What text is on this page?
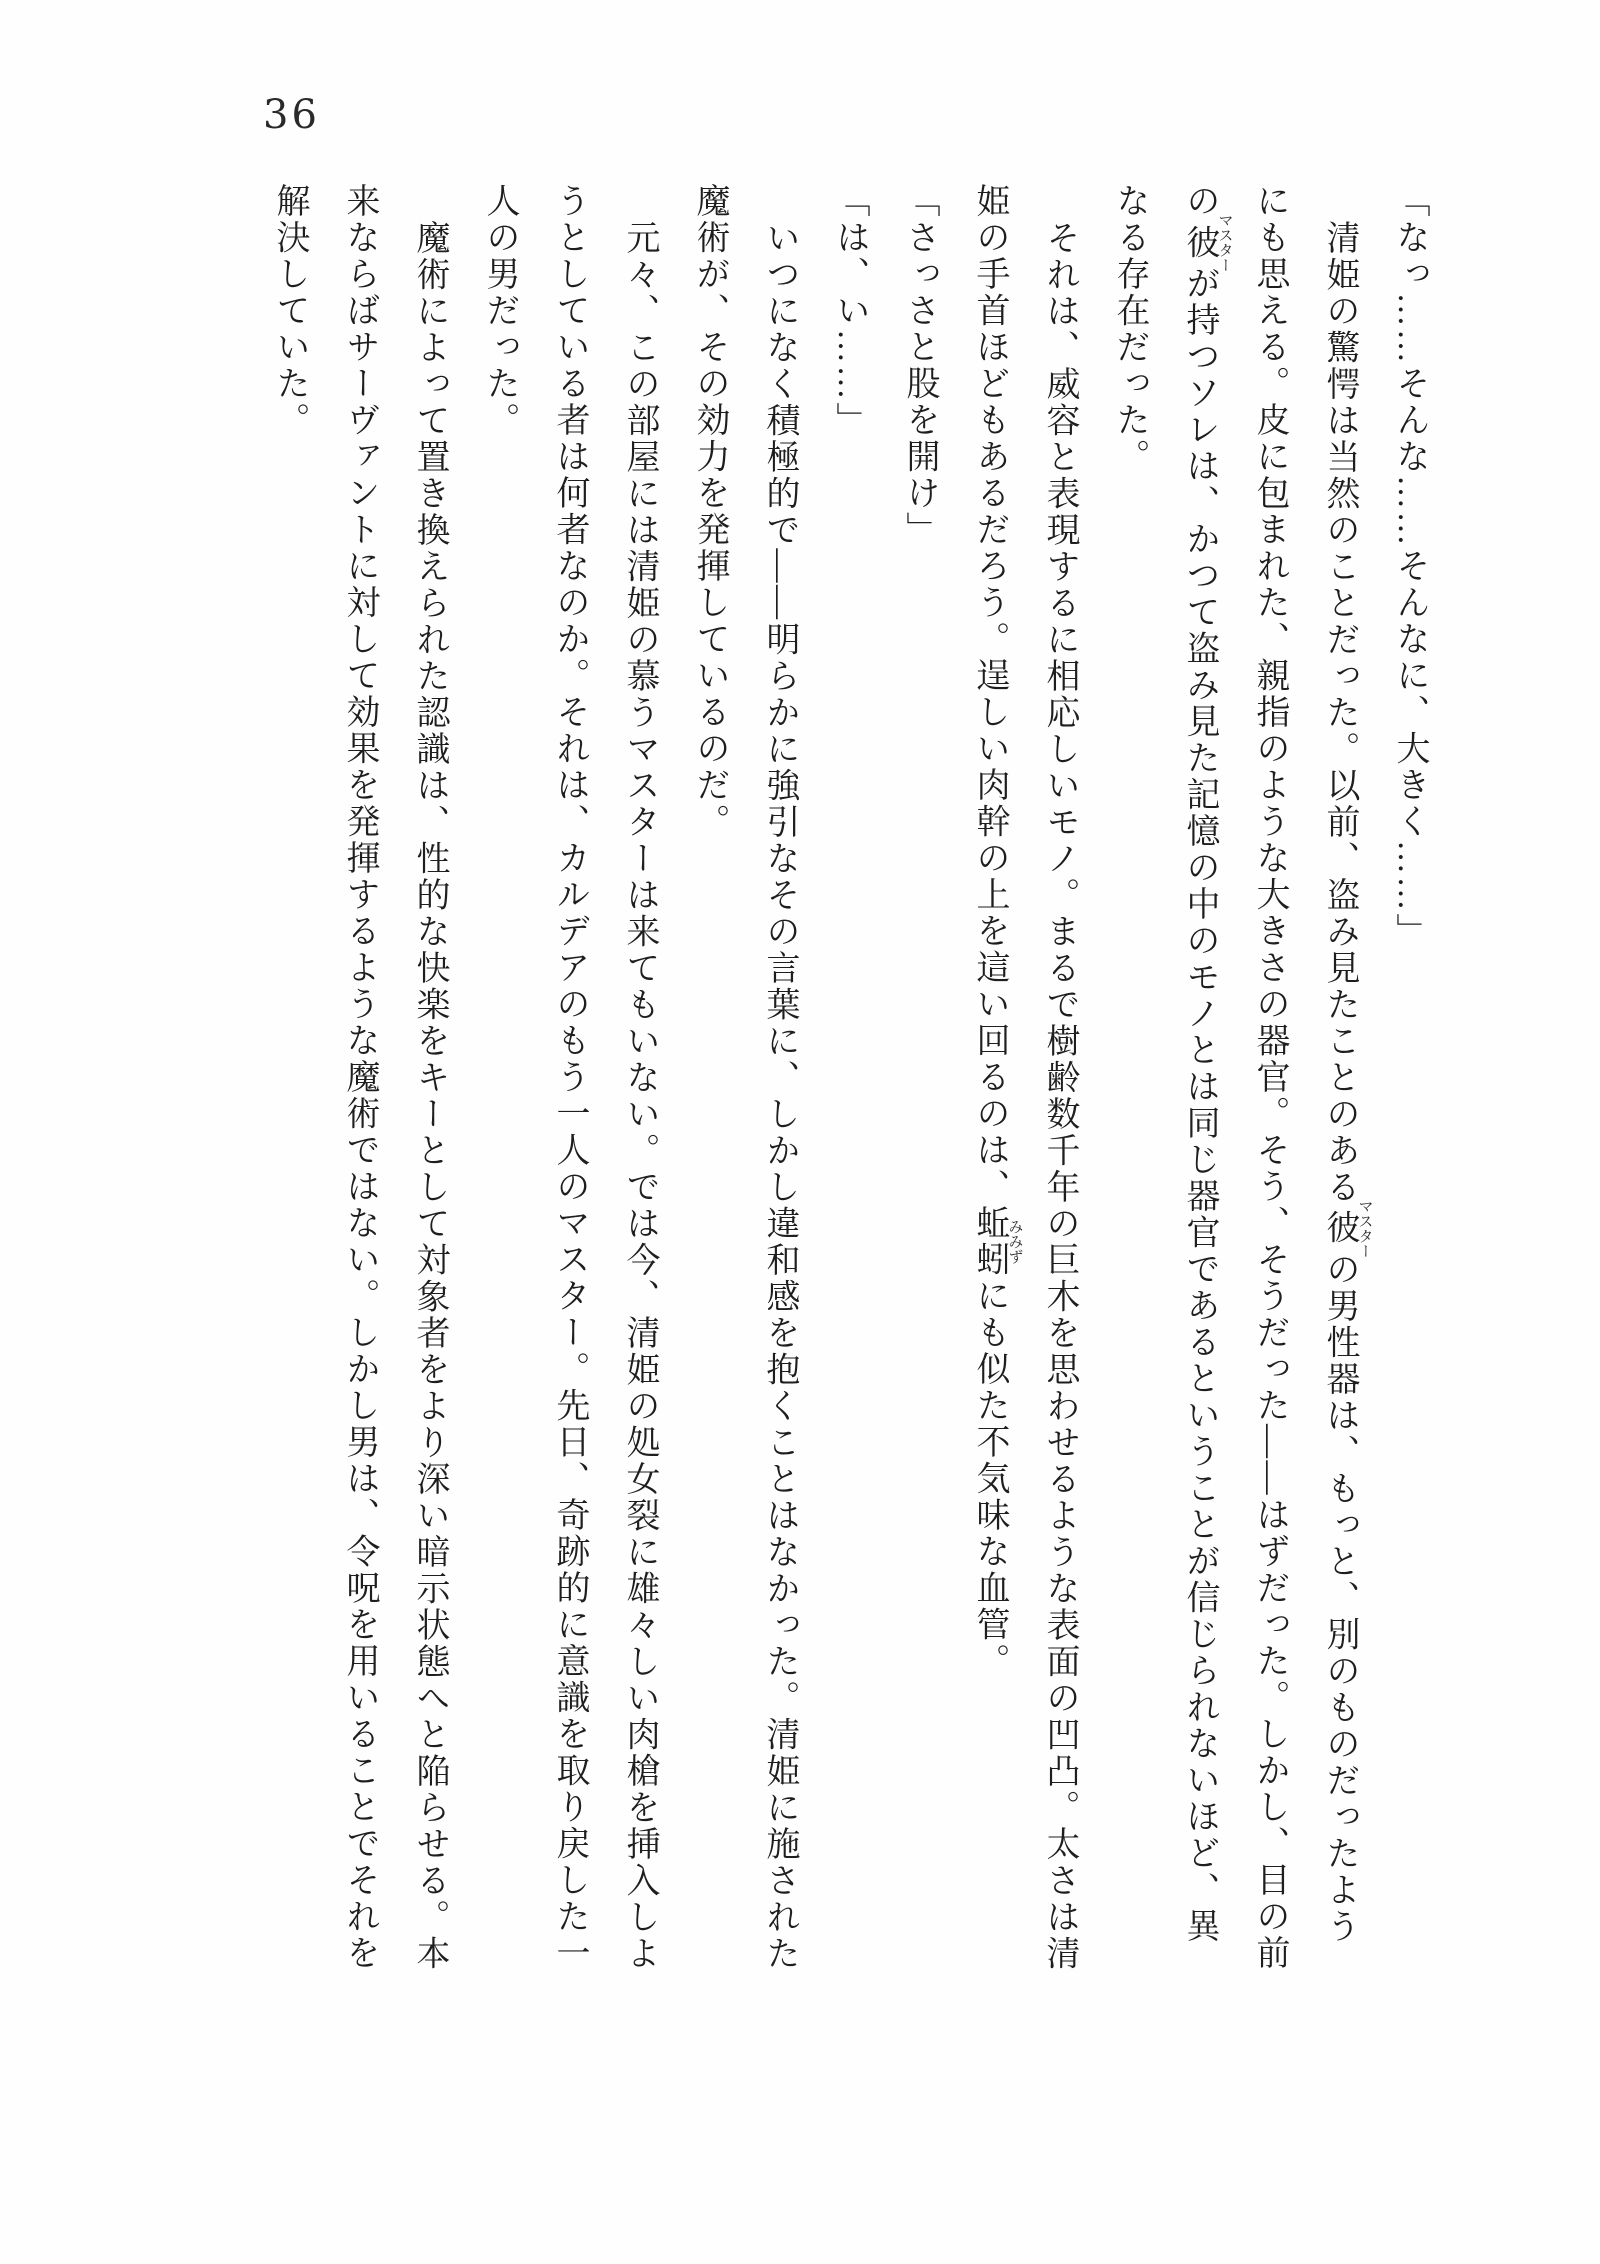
36
「なっ……そんな……そんなに、大きく……」
清姫の驚愕は当然のことだった。以前、盗み見たことのある彼マスターの男性器は、もっと、別のものだったよう
にも思える。皮に包まれた、親指のような大きさの器官。そう、そうだった――はずだった。しかし、目の前
の彼マスターが持つソレは、かつて盗み見た記憶の中のモノとは同じ器官であるということが信じられないほど、異
なる存在だった。
それは、威容と表現するに相応しいモノ。まるで樹齢数千年の巨木を思わせるような表面の凹凸。太さは清
姫の手首ほどもあるだろう。逞しい肉幹の上を這い回るのは、蚯蚓みみずにも似た不気味な血管。
「さっさと股を開け」
「は、い……」
いつになく積極的で――明らかに強引なその言葉に、しかし違和感を抱くことはなかった。清姫に施された
魔術が、その効力を発揮しているのだ。
元々、この部屋には清姫の慕うマスターは来てもいない。では今、清姫の処女裂に雄々しい肉槍を挿入しよ
うとしている者は何者なのか。それは、カルデアのもう一人のマスター。先日、奇跡的に意識を取り戻した一
人の男だった。
魔術によって置き換えられた認識は、性的な快楽をキーとして対象者をより深い暗示状態へと陥らせる。本
来ならばサーヴァントに対して効果を発揮するような魔術ではない。しかし男は、令呪を用いることでそれを
解決していた。
